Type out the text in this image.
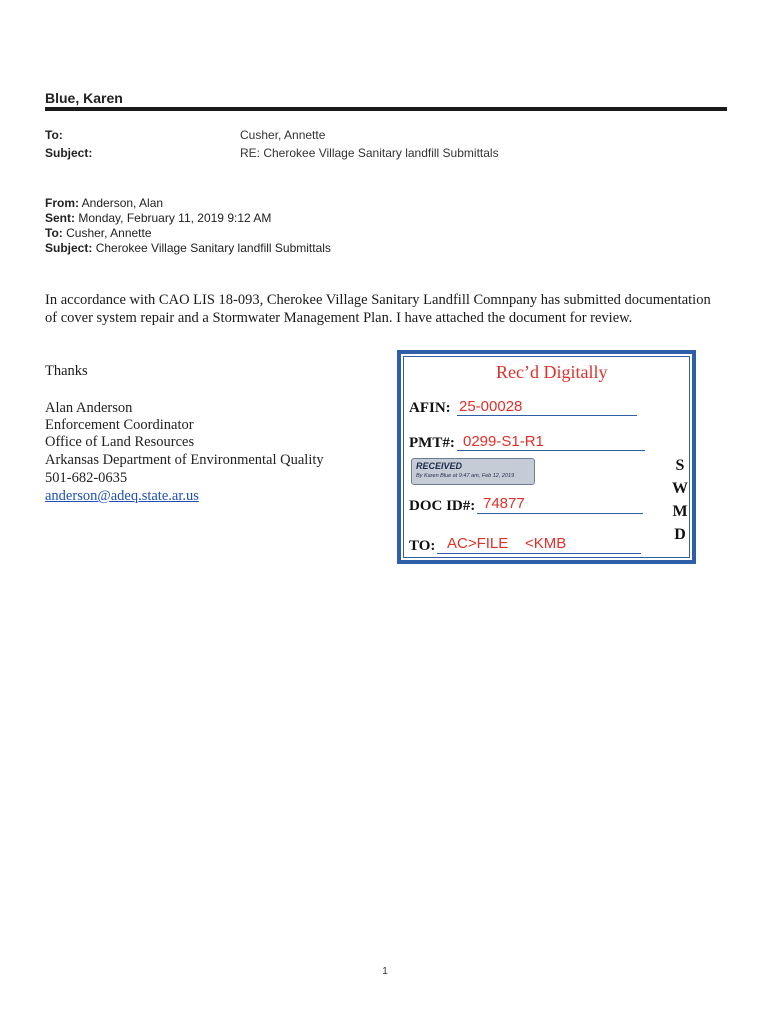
Blue, Karen
To:	Cusher, Annette
Subject:	RE: Cherokee Village Sanitary landfill Submittals
From: Anderson, Alan
Sent: Monday, February 11, 2019 9:12 AM
To: Cusher, Annette
Subject: Cherokee Village Sanitary landfill Submittals
In accordance with CAO LIS 18-093, Cherokee Village Sanitary Landfill Comnpany has submitted documentation of cover system repair and a Stormwater Management Plan. I have attached the document for review.
Thanks
Alan Anderson
Enforcement Coordinator
Office of Land Resources
Arkansas Department of Environmental Quality
501-682-0635
anderson@adeq.state.ar.us
Rec’d Digitally
AFIN: 25-00028
PMT#: 0299-S1-R1
RECEIVED
By Karen Blue at 9:47 am, Feb 12, 2019
DOC ID#: 74877
TO: AC>FILE <KMB
S
W
M
D
1
